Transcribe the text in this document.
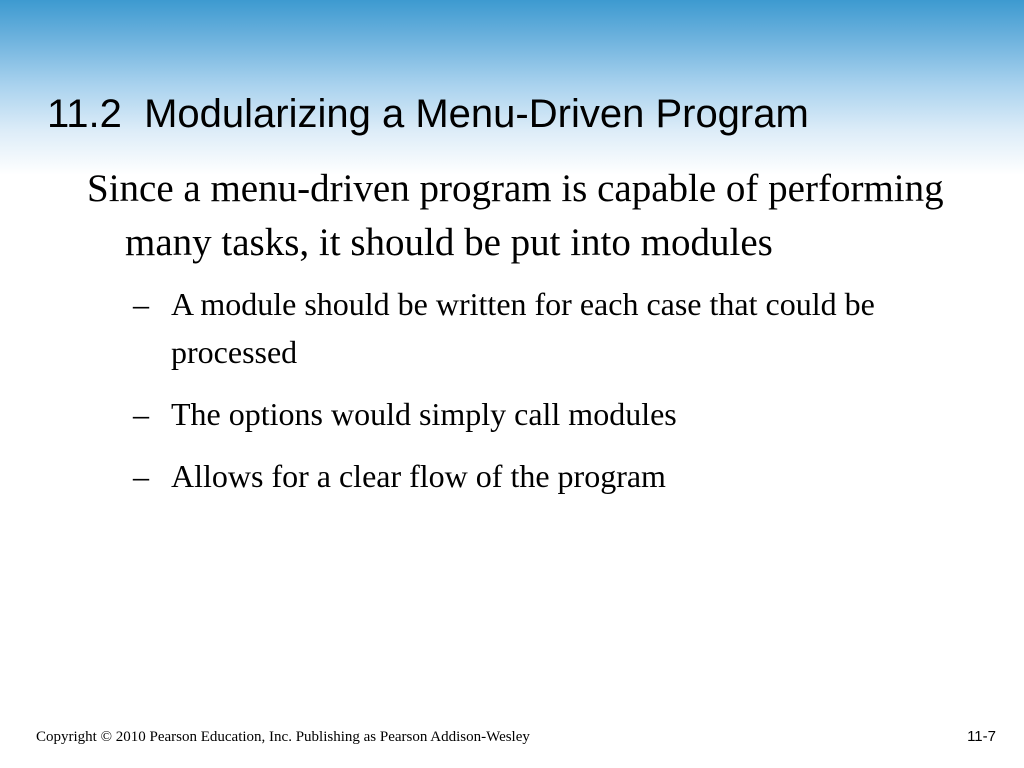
11.2  Modularizing a Menu-Driven Program

Since a menu-driven program is capable of performing many tasks, it should be put into modules

– A module should be written for each case that could be processed
– The options would simply call modules
– Allows for a clear flow of the program
Copyright © 2010 Pearson Education, Inc. Publishing as Pearson Addison-Wesley	11-7
